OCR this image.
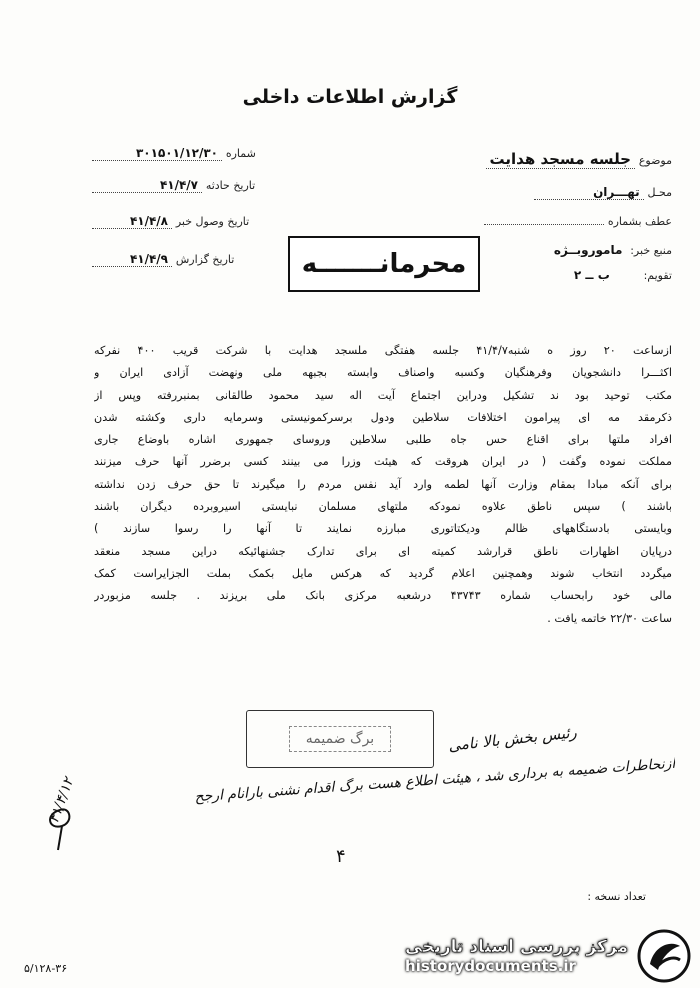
گزارش اطلاعات داخلی
موضوع جلسه مسجد هدایت
محـل تهـــران
عطف بشماره
منبع خبر: ماموروبــژه
تقویم: ب ــ ۲
شماره ۳۰۱۵۰۱/۱۲/۳۰
تاریخ حادثه ۴۱/۴/۷
تاریخ وصول خبر ۴۱/۴/۸
تاریخ گزارش ۴۱/۴/۹	محرمانـــــــه

ازساعت ۲۰ روز ه شنبه۴۱/۴/۷ جلسه هفتگی ملسجد هدایت با شرکت قریب ۴۰۰ نفرکه

اکثـــرا دانشجویان وفرهنگیان وکسبه واصناف وابسته بجبهه ملی ونهضت آزادی ایران و

مکتب توحید بود ند تشکیل ودراین اجتماع آیت اله سید محمود طالقانی بمنبررفته وپس از

ذکرمقد مه ای پیرامون اختلافات سلاطین ودول برسرکمونیستی وسرمایه داری وکشته شدن

افراد ملتها برای اقناع حس جاه طلبی سلاطین وروسای جمهوری اشاره باوضاع جاری

مملکت نموده وگفت ( در ایران هروقت که هیئت وزرا می بینند کسی برضرر آنها حرف میزنند

برای آنکه مبادا بمقام وزارت آنها لطمه وارد آید نفس مردم را میگیرند تا حق حرف زدن نداشته

باشند ) سپس ناطق علاوه نمودکه ملتهای مسلمان نبایستی اسیروبرده دیگران باشند

وبایستی بادستگاههای ظالم ودیکتاتوری مبارزه نمایند تا آنها را رسوا سازند )

درپایان اظهارات ناطق قرارشد کمیته ای برای تدارک جشنهائیکه دراین مسجد منعقد

میگردد انتخاب شوند وهمچنین اعلام گردید که هرکس مایل بکمک بملت الجزایراست کمک

مالی خود رابحساب شماره ۴۳۷۴۳ درشعبه مرکزی بانک ملی بریزند . جلسه مزبوردر

ساعت ۲۲/۳۰ خاتمه یافت .

برگ ضمیمه	رئیس بخش بالا نامی
ازنحاطرات ضمیمه به برداری شد ، هیئت اطلاع هست برگ اقدام نشنی بارانام ارجح
۴۱/۴/۱۲
۴
تعداد نسخه :
۵/۱۲۸-۳۶
مرکز بررسی اسناد تاریخی
historydocuments.ir
